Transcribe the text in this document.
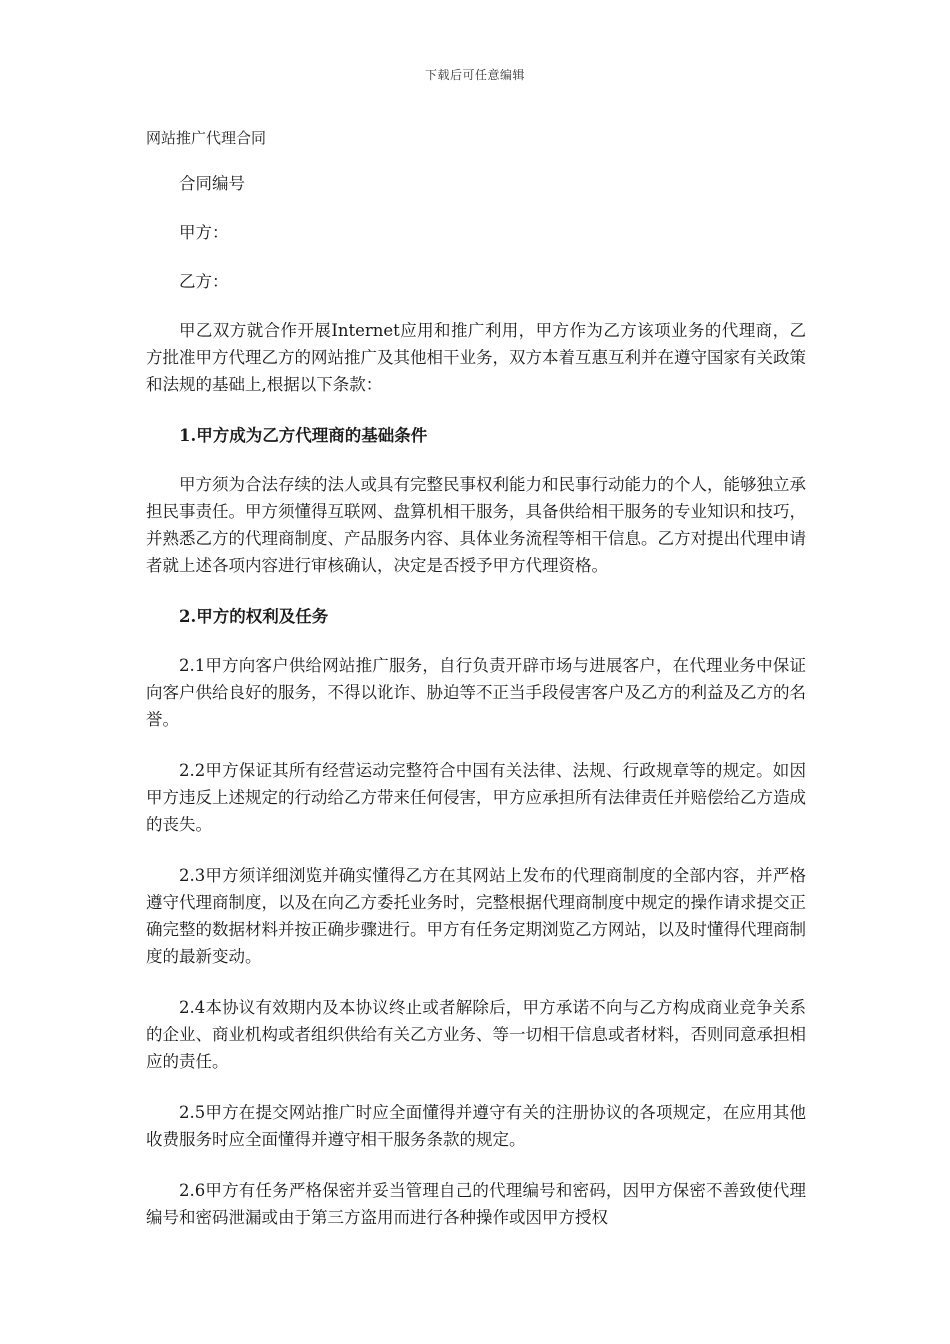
下载后可任意编辑
网站推广代理合同

合同编号

甲方：

乙方：

甲乙双方就合作开展Internet应用和推广利用，甲方作为乙方该项业务的代理商，乙方批准甲方代理乙方的网站推广及其他相干业务，双方本着互惠互利并在遵守国家有关政策和法规的基础上,根据以下条款：

1.甲方成为乙方代理商的基础条件

甲方须为合法存续的法人或具有完整民事权利能力和民事行动能力的个人，能够独立承担民事责任。甲方须懂得互联网、盘算机相干服务，具备供给相干服务的专业知识和技巧，并熟悉乙方的代理商制度、产品服务内容、具体业务流程等相干信息。乙方对提出代理申请者就上述各项内容进行审核确认，决定是否授予甲方代理资格。

2.甲方的权利及任务

2.1甲方向客户供给网站推广服务，自行负责开辟市场与进展客户，在代理业务中保证向客户供给良好的服务，不得以讹诈、胁迫等不正当手段侵害客户及乙方的利益及乙方的名誉。

2.2甲方保证其所有经营运动完整符合中国有关法律、法规、行政规章等的规定。如因甲方违反上述规定的行动给乙方带来任何侵害，甲方应承担所有法律责任并赔偿给乙方造成的丧失。

2.3甲方须详细浏览并确实懂得乙方在其网站上发布的代理商制度的全部内容，并严格遵守代理商制度，以及在向乙方委托业务时，完整根据代理商制度中规定的操作请求提交正确完整的数据材料并按正确步骤进行。甲方有任务定期浏览乙方网站，以及时懂得代理商制度的最新变动。

2.4本协议有效期内及本协议终止或者解除后，甲方承诺不向与乙方构成商业竞争关系的企业、商业机构或者组织供给有关乙方业务、等一切相干信息或者材料，否则同意承担相应的责任。

2.5甲方在提交网站推广时应全面懂得并遵守有关的注册协议的各项规定，在应用其他收费服务时应全面懂得并遵守相干服务条款的规定。

2.6甲方有任务严格保密并妥当管理自己的代理编号和密码，因甲方保密不善致使代理编号和密码泄漏或由于第三方盗用而进行各种操作或因甲方授权
